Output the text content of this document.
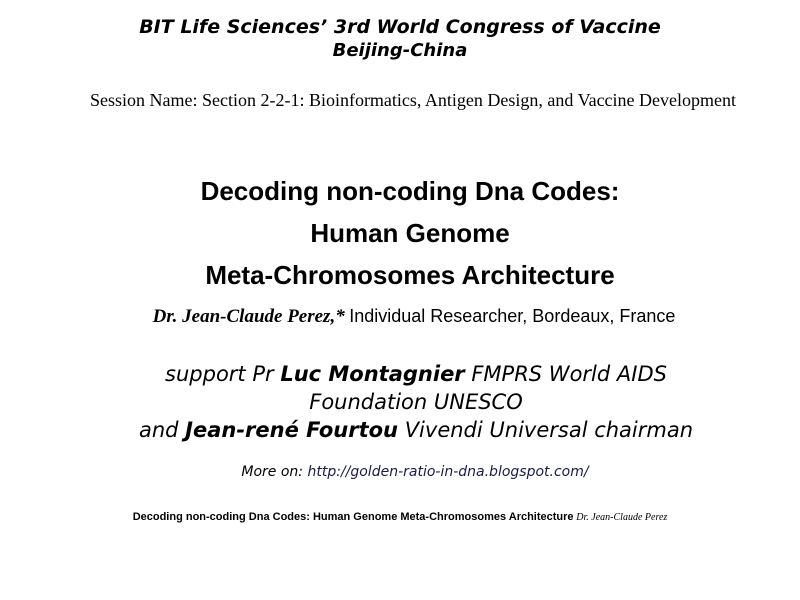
BIT Life Sciences’ 3rd World Congress of Vaccine
Beijing-China
Session Name: Section 2-2-1: Bioinformatics, Antigen Design, and Vaccine Development
Decoding non-coding Dna Codes:
Human Genome
Meta-Chromosomes Architecture
Dr. Jean-Claude Perez,* Individual Researcher, Bordeaux, France
support Pr Luc Montagnier FMPRS World AIDS
Foundation UNESCO
and Jean-rené Fourtou Vivendi Universal chairman
More on: http://golden-ratio-in-dna.blogspot.com/
Decoding non-coding Dna Codes: Human Genome Meta-Chromosomes Architecture Dr. Jean-Claude Perez
